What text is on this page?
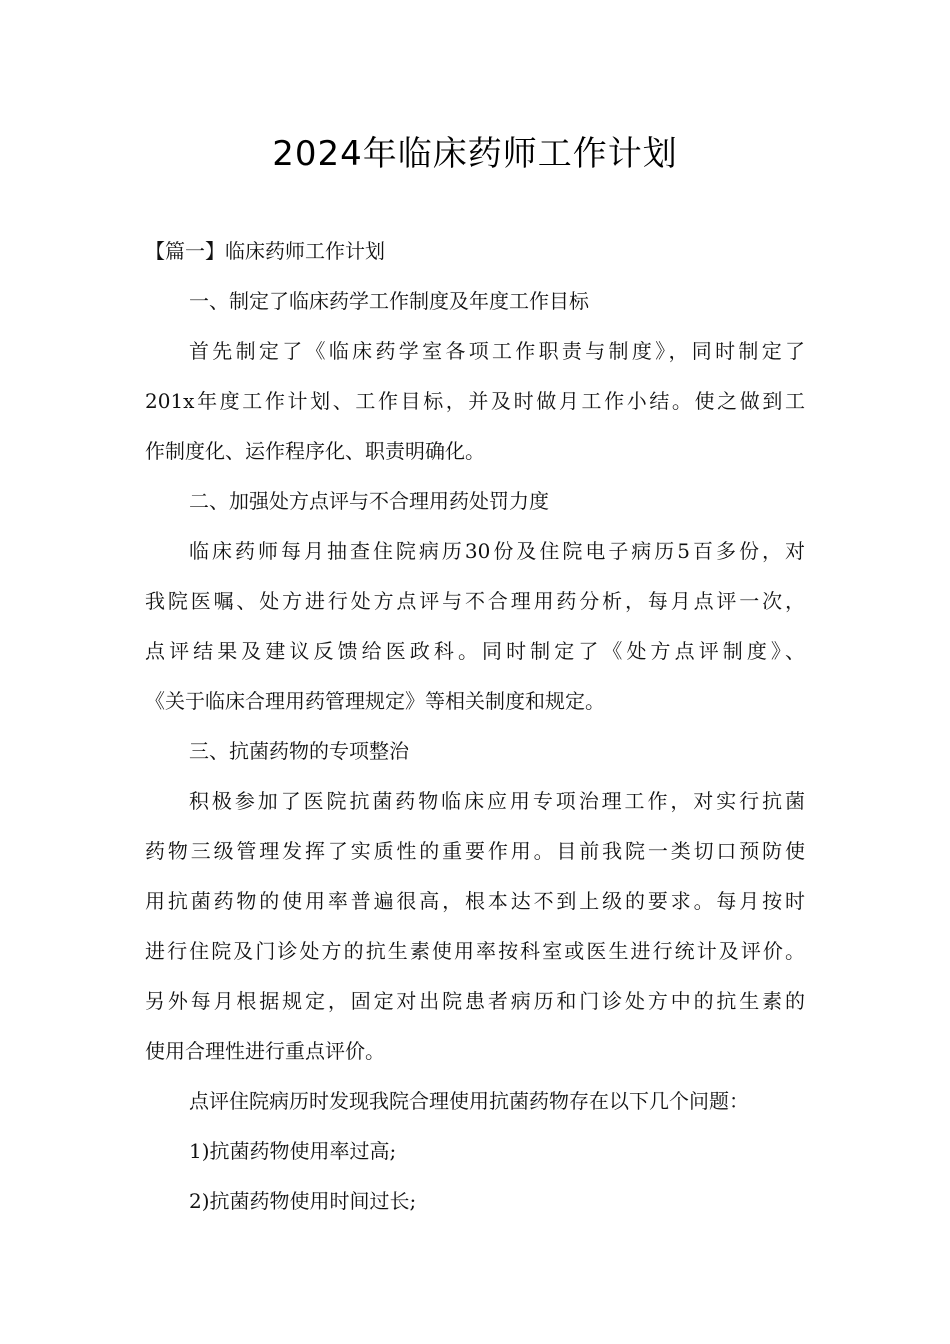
2024年临床药师工作计划
【篇一】临床药师工作计划
一、制定了临床药学工作制度及年度工作目标
首先制定了《临床药学室各项工作职责与制度》，同时制定了
201x年度工作计划、工作目标，并及时做月工作小结。使之做到工
作制度化、运作程序化、职责明确化。
二、加强处方点评与不合理用药处罚力度
临床药师每月抽查住院病历30份及住院电子病历5百多份，对
我院医嘱、处方进行处方点评与不合理用药分析，每月点评一次，
点评结果及建议反馈给医政科。同时制定了《处方点评制度》、
《关于临床合理用药管理规定》等相关制度和规定。
三、抗菌药物的专项整治
积极参加了医院抗菌药物临床应用专项治理工作，对实行抗菌
药物三级管理发挥了实质性的重要作用。目前我院一类切口预防使
用抗菌药物的使用率普遍很高，根本达不到上级的要求。每月按时
进行住院及门诊处方的抗生素使用率按科室或医生进行统计及评价。
另外每月根据规定，固定对出院患者病历和门诊处方中的抗生素的
使用合理性进行重点评价。
点评住院病历时发现我院合理使用抗菌药物存在以下几个问题：
1)抗菌药物使用率过高;
2)抗菌药物使用时间过长;
